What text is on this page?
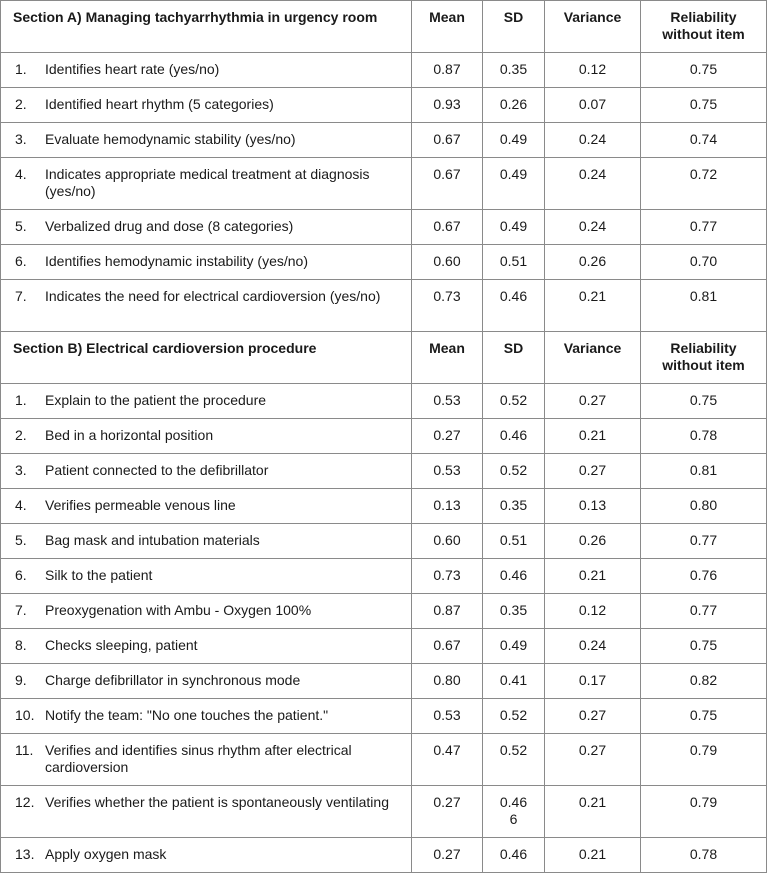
Section A) Managing tachyarrhythmia in urgency room	Mean	SD	Variance	Reliability without item

1. Identifies heart rate (yes/no)	0.87	0.35	0.12	0.75

2. Identified heart rhythm (5 categories)	0.93	0.26	0.07	0.75

3. Evaluate hemodynamic stability (yes/no)	0.67	0.49	0.24	0.74

4. Indicates appropriate medical treatment at diagnosis (yes/no)	0.67	0.49	0.24	0.72

5. Verbalized drug and dose (8 categories)	0.67	0.49	0.24	0.77

6. Identifies hemodynamic instability (yes/no)	0.60	0.51	0.26	0.70

7. Indicates the need for electrical cardioversion (yes/no)	0.73	0.46	0.21	0.81
Section B) Electrical cardioversion procedure	Mean	SD	Variance	Reliability without item

1. Explain to the patient the procedure	0.53	0.52	0.27	0.75

2. Bed in a horizontal position	0.27	0.46	0.21	0.78

3. Patient connected to the defibrillator	0.53	0.52	0.27	0.81

4. Verifies permeable venous line	0.13	0.35	0.13	0.80

5. Bag mask and intubation materials	0.60	0.51	0.26	0.77

6. Silk to the patient	0.73	0.46	0.21	0.76

7. Preoxygenation with Ambu - Oxygen 100%	0.87	0.35	0.12	0.77

8. Checks sleeping, patient	0.67	0.49	0.24	0.75

9. Charge defibrillator in synchronous mode	0.80	0.41	0.17	0.82

10. Notify the team: "No one touches the patient."	0.53	0.52	0.27	0.75

11. Verifies and identifies sinus rhythm after electrical cardioversion	0.47	0.52	0.27	0.79

12. Verifies whether the patient is spontaneously ventilating	0.27	0.46 6	0.21	0.79

13. Apply oxygen mask	0.27	0.46	0.21	0.78
